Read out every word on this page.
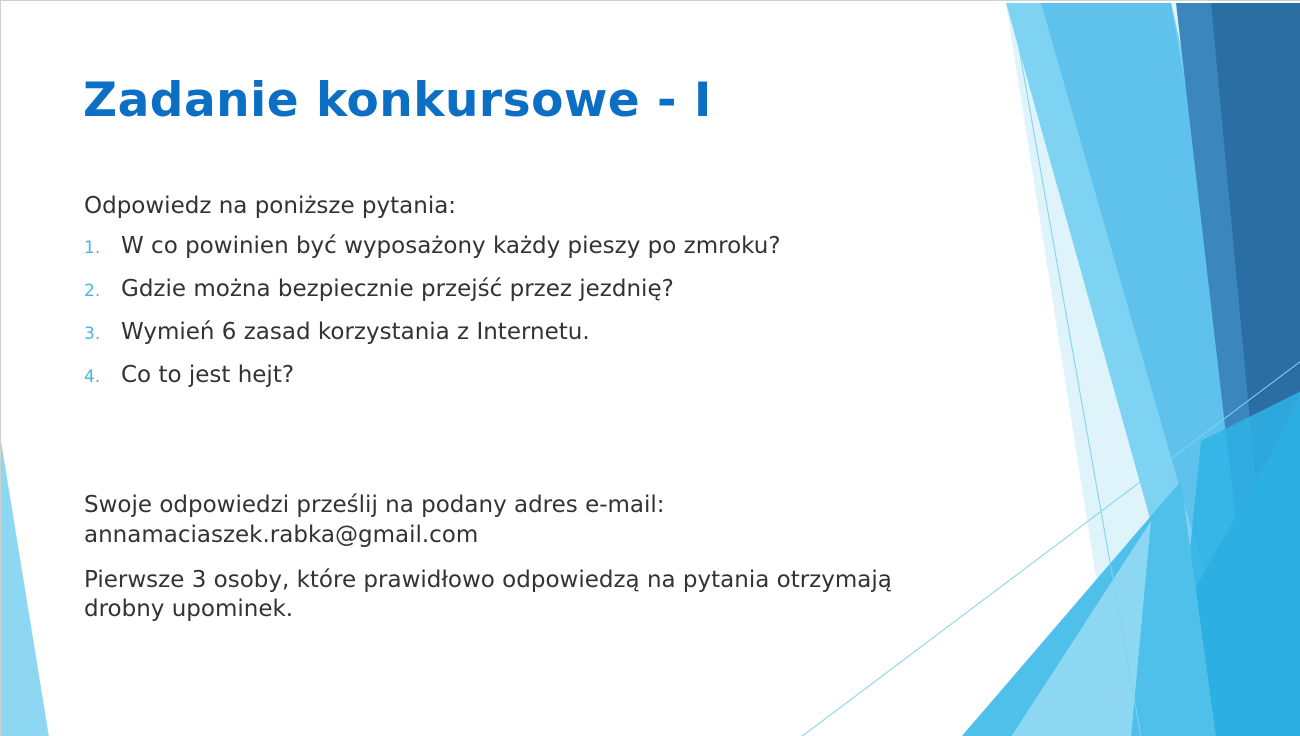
Zadanie konkursowe - I
Odpowiedz na poniższe pytania:
1. W co powinien być wyposażony każdy pieszy po zmroku?
2. Gdzie można bezpiecznie przejść przez jezdnię?
3. Wymień 6 zasad korzystania z Internetu.
4. Co to jest hejt?
Swoje odpowiedzi prześlij na podany adres e-mail:
annamaciaszek.rabka@gmail.com
Pierwsze 3 osoby, które prawidłowo odpowiedzą na pytania otrzymają drobny upominek.
